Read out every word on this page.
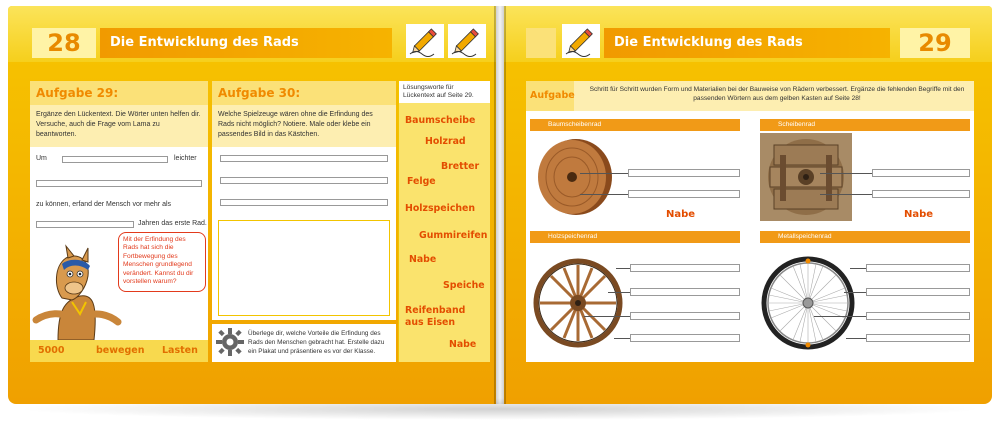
28	Die Entwicklung des Rads
Aufgabe 29:
Ergänze den Lückentext. Die Wörter unten helfen dir. Versuche, auch die Frage vom Lama zu beantworten.
Um	leichter
zu können, erfand der Mensch vor mehr als
Jahren das erste Rad.
Mit der Erfindung des Rads hat sich die Fortbewegung des Menschen grundlegend verändert. Kannst du dir vorstellen warum?
5000	bewegen Lasten
Aufgabe 30:
Welche Spielzeuge wären ohne die Erfindung des Rads nicht möglich? Notiere. Male oder klebe ein passendes Bild in das Kästchen.
Überlege dir, welche Vorteile die Erfindung des Rads den Menschen gebracht hat. Erstelle dazu ein Plakat und präsentiere es vor der Klasse.
Lösungsworte für Lückentext auf Seite 29.
Baumscheibe
Holzrad
Bretter
Felge
Holzspeichen
Gummireifen
Nabe
Speiche
Reifenband
aus Eisen
Nabe
Die Entwicklung des Rads	29
Aufgabe
Schritt für Schritt wurden Form und Materialien bei der Bauweise von Rädern verbessert. Ergänze die fehlenden Begriffe mit den passenden Wörtern aus dem gelben Kasten auf Seite 28!
Baumscheibenrad
Nabe
Scheibenrad
Nabe
Holzspeichenrad	Metallspeichenrad
